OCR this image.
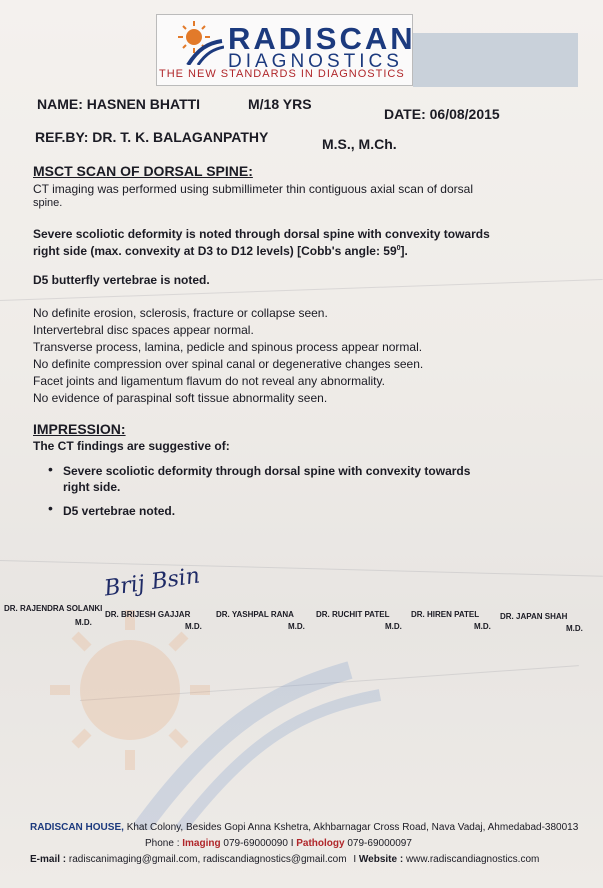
RADISCAN
DIAGNOSTICS
THE NEW STANDARDS IN DIAGNOSTICS
NAME: HASNEN BHATTI	M/18 YRS
DATE: 06/08/2015
REF.BY: DR. T. K. BALAGANPATHY	M.S., M.Ch.
MSCT SCAN OF DORSAL SPINE:
CT imaging was performed using submillimeter thin contiguous axial scan of dorsal
spine.
Severe scoliotic deformity is noted through dorsal spine with convexity towards
right side (max. convexity at D3 to D12 levels) [Cobb's angle: $59^0$].
D5 butterfly vertebrae is noted.
No definite erosion, sclerosis, fracture or collapse seen.
Intervertebral disc spaces appear normal.
Transverse process, lamina, pedicle and spinous process appear normal.
No definite compression over spinal canal or degenerative changes seen.
Facet joints and ligamentum flavum do not reveal any abnormality.
No evidence of paraspinal soft tissue abnormality seen.
IMPRESSION:
The CT findings are suggestive of:
• Severe scoliotic deformity through dorsal spine with convexity towards
right side.
• D5 vertebrae noted.
Brij Bsin
DR. RAJENDRA SOLANKI
M.D.
DR. BRIJESH GAJJAR
M.D.
DR. YASHPAL RANA
M.D.
DR. RUCHIT PATEL
M.D.
DR. HIREN PATEL
M.D.
DR. JAPAN SHAH
M.D.
RADISCAN HOUSE, Khat Colony, Besides Gopi Anna Kshetra, Akhbarnagar Cross Road, Nava Vadaj, Ahmedabad-380013
Phone : Imaging 079-69000090 I Pathology 079-69000097
E-mail : radiscanimaging@gmail.com, radiscandiagnostics@gmail.com I Website : www.radiscandiagnostics.com
